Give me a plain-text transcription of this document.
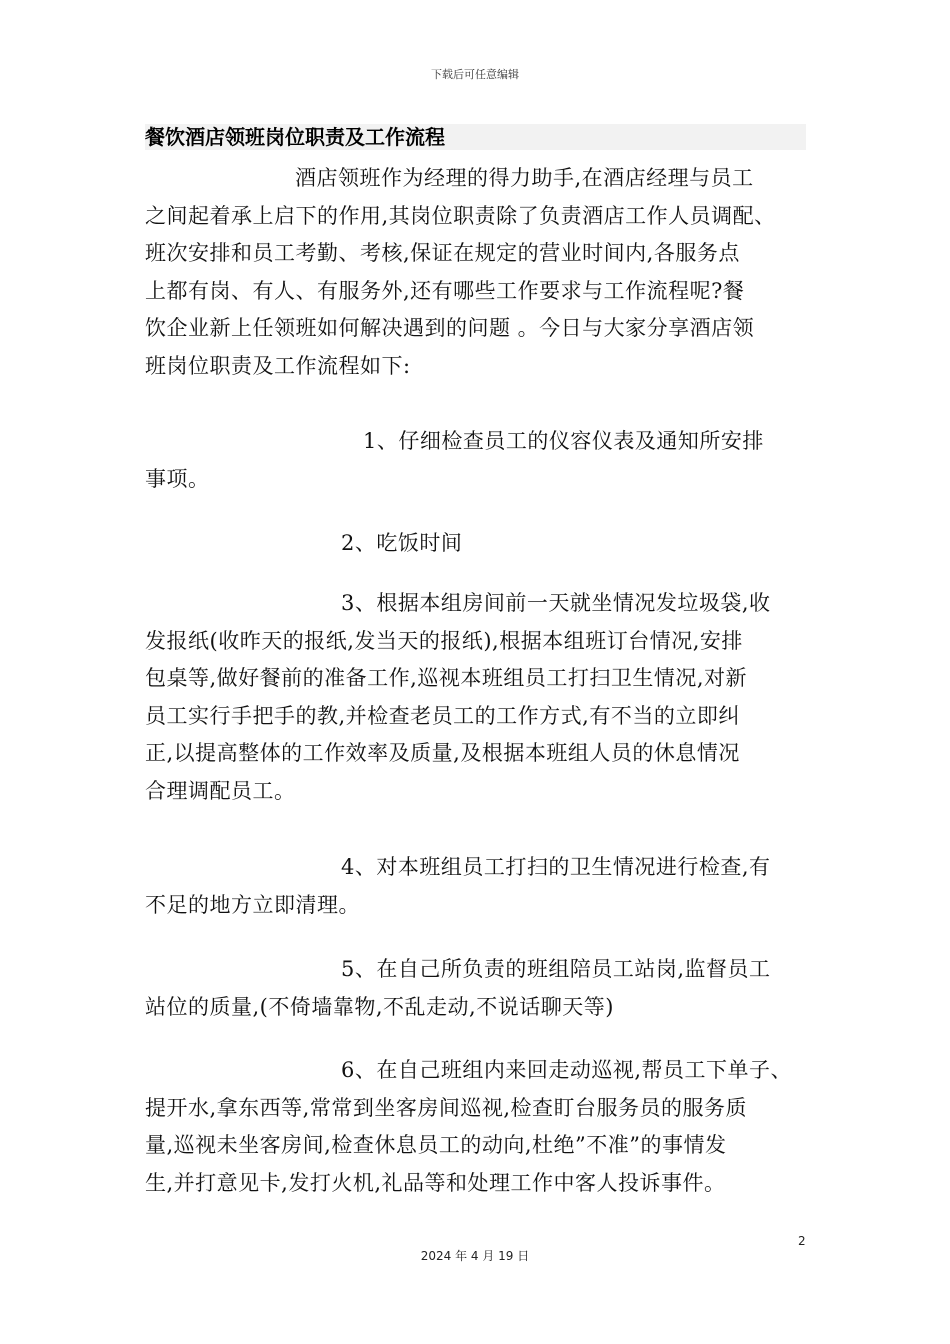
下载后可任意编辑
餐饮酒店领班岗位职责及工作流程

酒店领班作为经理的得力助手,在酒店经理与员工
之间起着承上启下的作用,其岗位职责除了负责酒店工作人员调配、
班次安排和员工考勤、考核,保证在规定的营业时间内,各服务点
上都有岗、有人、有服务外,还有哪些工作要求与工作流程呢?餐
饮企业新上任领班如何解决遇到的问题 。今日与大家分享酒店领
班岗位职责及工作流程如下:

1、仔细检查员工的仪容仪表及通知所安排
事项。

2、吃饭时间

3、根据本组房间前一天就坐情况发垃圾袋,收
发报纸(收昨天的报纸,发当天的报纸),根据本组班订台情况,安排
包桌等,做好餐前的准备工作,巡视本班组员工打扫卫生情况,对新
员工实行手把手的教,并检查老员工的工作方式,有不当的立即纠
正,以提高整体的工作效率及质量,及根据本班组人员的休息情况
合理调配员工。

4、对本班组员工打扫的卫生情况进行检查,有
不足的地方立即清理。

5、在自己所负责的班组陪员工站岗,监督员工
站位的质量,(不倚墙靠物,不乱走动,不说话聊天等)

6、在自己班组内来回走动巡视,帮员工下单子、
提开水,拿东西等,常常到坐客房间巡视,检查盯台服务员的服务质
量,巡视未坐客房间,检查休息员工的动向,杜绝”不准”的事情发
生,并打意见卡,发打火机,礼品等和处理工作中客人投诉事件。

2
2024 年 4 月 19 日
